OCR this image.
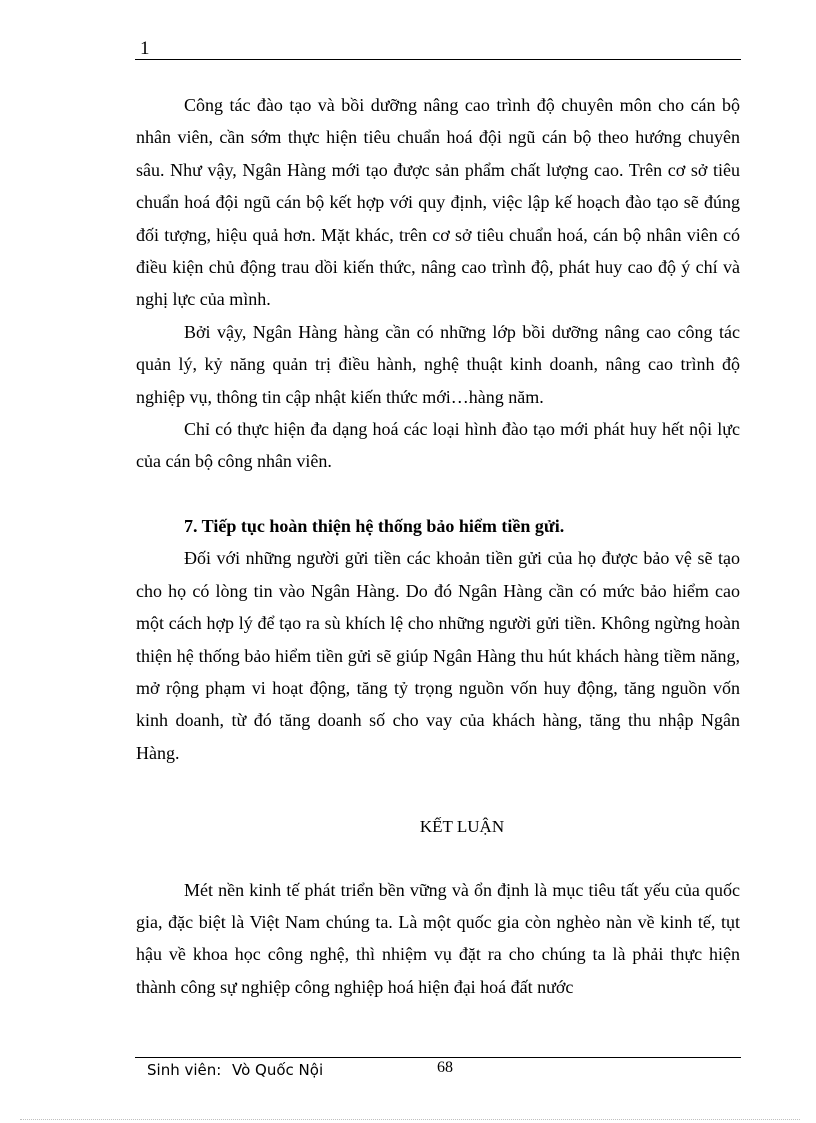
1

Công tác đào tạo và bồi dưỡng nâng cao trình độ chuyên môn cho cán bộ nhân viên, cần sớm thực hiện tiêu chuẩn hoá đội ngũ cán bộ theo hướng chuyên sâu. Như vậy, Ngân Hàng mới tạo được sản phẩm chất lượng cao. Trên cơ sở tiêu chuẩn hoá đội ngũ cán bộ kết hợp với quy định, việc lập kế hoạch đào tạo sẽ đúng đối tượng, hiệu quả hơn. Mặt khác, trên cơ sở tiêu chuẩn hoá, cán bộ nhân viên có điều kiện chủ động trau dồi kiến thức, nâng cao trình độ, phát huy cao độ ý chí và nghị lực của mình.

Bởi vậy, Ngân Hàng hàng cần có những lớp bồi dưỡng nâng cao công tác quản lý, kỷ năng quản trị điều hành, nghệ thuật kinh doanh, nâng cao trình độ nghiệp vụ, thông tin cập nhật kiến thức mới…hàng năm.

Chỉ có thực hiện đa dạng hoá các loại hình đào tạo mới phát huy hết nội lực của cán bộ công nhân viên.

7. Tiếp tục hoàn thiện hệ thống bảo hiểm tiền gửi.

Đối với những người gửi tiền các khoản tiền gửi của họ được bảo vệ sẽ tạo cho họ có lòng tin vào Ngân Hàng. Do đó Ngân Hàng cần có mức bảo hiểm cao một cách hợp lý để tạo ra sù khích lệ cho những người gửi tiền. Không ngừng hoàn thiện hệ thống bảo hiểm tiền gửi sẽ giúp Ngân Hàng thu hút khách hàng tiềm năng, mở rộng phạm vi hoạt động, tăng tỷ trọng nguồn vốn huy động, tăng nguồn vốn kinh doanh, từ đó tăng doanh số cho vay của khách hàng, tăng thu nhập Ngân Hàng.

KẾT LUẬN

Mét nền kinh tế phát triển bền vững và ổn định là mục tiêu tất yếu của quốc gia, đặc biệt là Việt Nam chúng ta. Là một quốc gia còn nghèo nàn về kinh tế, tụt hậu về khoa học công nghệ, thì nhiệm vụ đặt ra cho chúng ta là phải thực hiện thành công sự nghiệp công nghiệp hoá hiện đại hoá đất nước

Sinh viên: Vò Quốc Nội	68
